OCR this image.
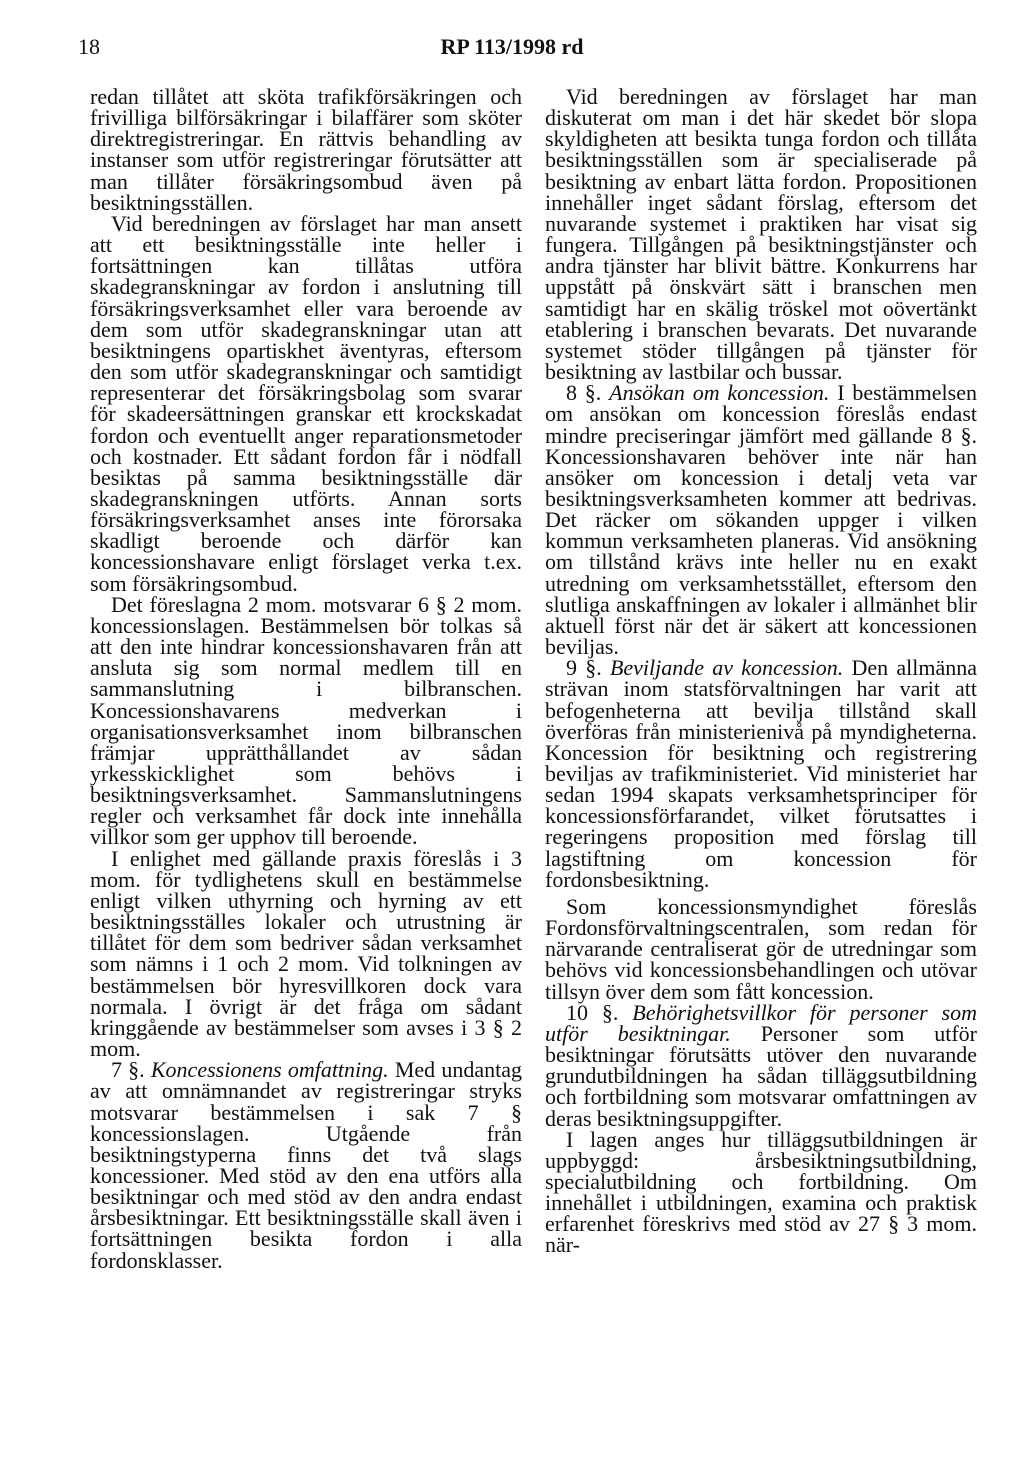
18	RP 113/1998 rd

redan tillåtet att sköta trafikförsäkringen och frivilliga bilförsäkringar i bilaffärer som sköter direktregistreringar. En rättvis behandling av instanser som utför registreringar förutsätter att man tillåter försäkringsombud även på besiktningsställen.

Vid beredningen av förslaget har man ansett att ett besiktningsställe inte heller i fortsättningen kan tillåtas utföra skadegranskningar av fordon i anslutning till försäkringsverksamhet eller vara beroende av dem som utför skadegranskningar utan att besiktningens opartiskhet äventyras, eftersom den som utför skadegranskningar och samtidigt representerar det försäkringsbolag som svarar för skadeersättningen granskar ett krockskadat fordon och eventuellt anger reparationsmetoder och kostnader. Ett sådant fordon får i nödfall besiktas på samma besiktningsställe där skadegranskningen utförts. Annan sorts försäkringsverksamhet anses inte förorsaka skadligt beroende och därför kan koncessionshavare enligt förslaget verka t.ex. som försäkringsombud.

Det föreslagna 2 mom. motsvarar 6 § 2 mom. koncessionslagen. Bestämmelsen bör tolkas så att den inte hindrar koncessionshavaren från att ansluta sig som normal medlem till en sammanslutning i bilbranschen. Koncessionshavarens medverkan i organisationsverksamhet inom bilbranschen främjar upprätthållandet av sådan yrkesskicklighet som behövs i besiktningsverksamhet. Sammanslutningens regler och verksamhet får dock inte innehålla villkor som ger upphov till beroende.

I enlighet med gällande praxis föreslås i 3 mom. för tydlighetens skull en bestämmelse enligt vilken uthyrning och hyrning av ett besiktningsställes lokaler och utrustning är tillåtet för dem som bedriver sådan verksamhet som nämns i 1 och 2 mom. Vid tolkningen av bestämmelsen bör hyresvillkoren dock vara normala. I övrigt är det fråga om sådant kringgående av bestämmelser som avses i 3 § 2 mom.

7 §. Koncessionens omfattning. Med undantag av att omnämnandet av registreringar stryks motsvarar bestämmelsen i sak 7 § koncessionslagen. Utgående från besiktningstyperna finns det två slags koncessioner. Med stöd av den ena utförs alla besiktningar och med stöd av den andra endast årsbesiktningar. Ett besiktningsställe skall även i fortsättningen besikta fordon i alla fordonsklasser.

Vid beredningen av förslaget har man diskuterat om man i det här skedet bör slopa skyldigheten att besikta tunga fordon och tillåta besiktningsställen som är specialiserade på besiktning av enbart lätta fordon. Propositionen innehåller inget sådant förslag, eftersom det nuvarande systemet i praktiken har visat sig fungera. Tillgången på besiktningstjänster och andra tjänster har blivit bättre. Konkurrens har uppstått på önskvärt sätt i branschen men samtidigt har en skälig tröskel mot oövertänkt etablering i branschen bevarats. Det nuvarande systemet stöder tillgången på tjänster för besiktning av lastbilar och bussar.

8 §. Ansökan om koncession. I bestämmelsen om ansökan om koncession föreslås endast mindre preciseringar jämfört med gällande 8 §. Koncessionshavaren behöver inte när han ansöker om koncession i detalj veta var besiktningsverksamheten kommer att bedrivas. Det räcker om sökanden uppger i vilken kommun verksamheten planeras. Vid ansökning om tillstånd krävs inte heller nu en exakt utredning om verksamhetsstället, eftersom den slutliga anskaffningen av lokaler i allmänhet blir aktuell först när det är säkert att koncessionen beviljas.

9 §. Beviljande av koncession. Den allmänna strävan inom statsförvaltningen har varit att befogenheterna att bevilja tillstånd skall överföras från ministerienivå på myndigheterna. Koncession för besiktning och registrering beviljas av trafikministeriet. Vid ministeriet har sedan 1994 skapats verksamhetsprinciper för koncessionsförfarandet, vilket förutsattes i regeringens proposition med förslag till lagstiftning om koncession för fordonsbesiktning.

Som koncessionsmyndighet föreslås Fordonsförvaltningscentralen, som redan för närvarande centraliserat gör de utredningar som behövs vid koncessionsbehandlingen och utövar tillsyn över dem som fått koncession.

10 §. Behörighetsvillkor för personer som utför besiktningar. Personer som utför besiktningar förutsätts utöver den nuvarande grundutbildningen ha sådan tilläggsutbildning och fortbildning som motsvarar omfattningen av deras besiktningsuppgifter.

I lagen anges hur tilläggsutbildningen är uppbyggd: årsbesiktningsutbildning, specialutbildning och fortbildning. Om innehållet i utbildningen, examina och praktisk erfarenhet föreskrivs med stöd av 27 § 3 mom. när-
